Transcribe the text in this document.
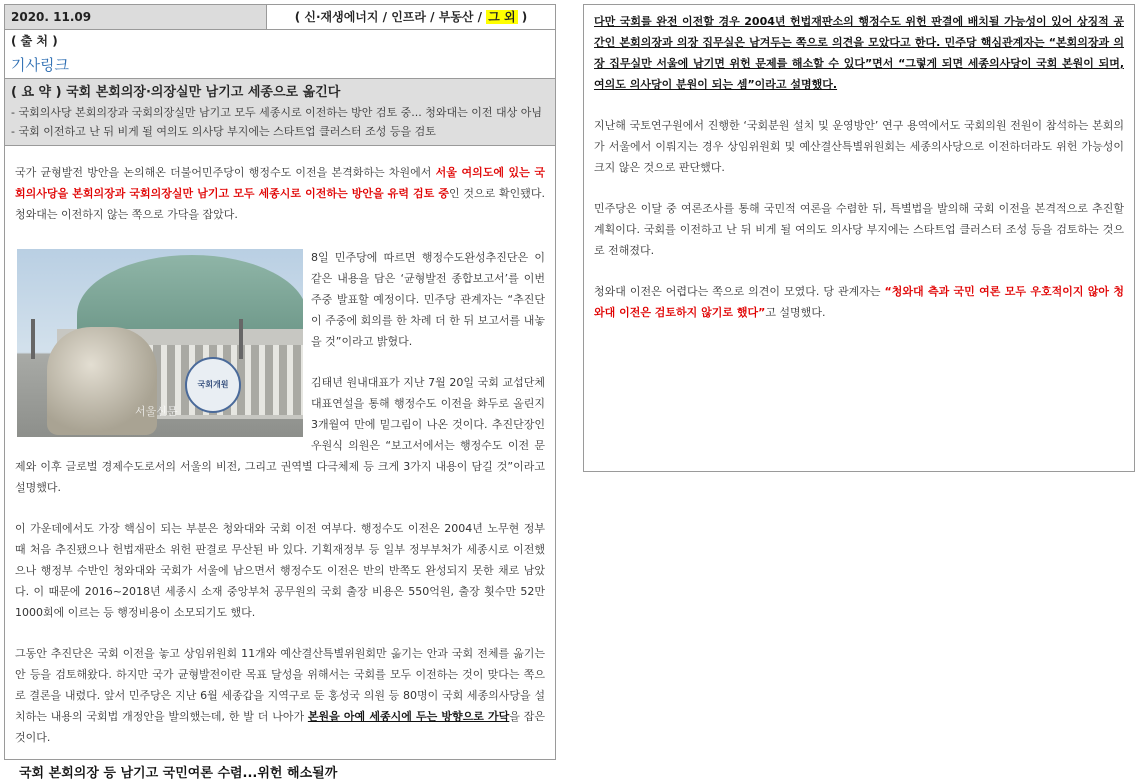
2020. 11.09	( 신·재생에너지 / 인프라 / 부동산 / 그 외 )
( 출 처 )
기사링크
( 요 약 ) 국회 본회의장·의장실만 남기고 세종으로 옮긴다
- 국회의사당 본회의장과 국회의장실만 남기고 모두 세종시로 이전하는 방안 검토 중... 청와대는 이전 대상 아님
- 국회 이전하고 난 뒤 비게 될 여의도 의사당 부지에는 스타트업 클러스터 조성 등을 검토

국가 균형발전 방안을 논의해온 더불어민주당이 행정수도 이전을 본격화하는 차원에서 서울 여의도에 있는 국회의사당을 본회의장과 국회의장실만 남기고 모두 세종시로 이전하는 방안을 유력 검토 중인 것으로 확인됐다. 청와대는 이전하지 않는 쪽으로 가닥을 잡았다.

국회개원
서울신문

8일 민주당에 따르면 행정수도완성추진단은 이 같은 내용을 담은 ‘균형발전 종합보고서’를 이번 주중 발표할 예정이다. 민주당 관계자는 “추진단이 주중에 회의를 한 차례 더 한 뒤 보고서를 내놓을 것”이라고 밝혔다.

김태년 원내대표가 지난 7월 20일 국회 교섭단체 대표연설을 통해 행정수도 이전을 화두로 올린지 3개월여 만에 밑그림이 나온 것이다. 추진단장인 우원식 의원은 “보고서에서는 행정수도 이전 문제와 이후 글로벌 경제수도로서의 서울의 비전, 그리고 권역별 다극체제 등 크게 3가지 내용이 담길 것”이라고 설명했다.

이 가운데에서도 가장 핵심이 되는 부분은 청와대와 국회 이전 여부다. 행정수도 이전은 2004년 노무현 정부 때 처음 추진됐으나 헌법재판소 위헌 판결로 무산된 바 있다. 기획재정부 등 일부 정부부처가 세종시로 이전했으나 행정부 수반인 청와대와 국회가 서울에 남으면서 행정수도 이전은 반의 반쪽도 완성되지 못한 채로 남았다. 이 때문에 2016~2018년 세종시 소재 중앙부처 공무원의 국회 출장 비용은 550억원, 출장 횟수만 52만 1000회에 이르는 등 행정비용이 소모되기도 했다.

그동안 추진단은 국회 이전을 놓고 상임위원회 11개와 예산결산특별위원회만 옮기는 안과 국회 전체를 옮기는 안 등을 검토해왔다. 하지만 국가 균형발전이란 목표 달성을 위해서는 국회를 모두 이전하는 것이 맞다는 쪽으로 결론을 내렸다. 앞서 민주당은 지난 6월 세종갑을 지역구로 둔 홍성국 의원 등 80명이 국회 세종의사당을 설치하는 내용의 국회법 개정안을 발의했는데, 한 발 더 나아가 본원을 아예 세종시에 두는 방향으로 가닥을 잡은 것이다.

국회 본회의장 등 남기고 국민여론 수렴...위헌 해소될까

다만 국회를 완전 이전할 경우 2004년 헌법재판소의 행정수도 위헌 판결에 배치될 가능성이 있어 상징적 공간인 본회의장과 의장 집무실은 남겨두는 쪽으로 의견을 모았다고 한다. 민주당 핵심관계자는 “본회의장과 의장 집무실만 서울에 남기면 위헌 문제를 해소할 수 있다”면서 “그렇게 되면 세종의사당이 국회 본원이 되며, 여의도 의사당이 분원이 되는 셈”이라고 설명했다.

지난해 국토연구원에서 진행한 ‘국회분원 설치 및 운영방안’ 연구 용역에서도 국회의원 전원이 참석하는 본회의가 서울에서 이뤄지는 경우 상임위원회 및 예산결산특별위원회는 세종의사당으로 이전하더라도 위헌 가능성이 크지 않은 것으로 판단했다.

민주당은 이달 중 여론조사를 통해 국민적 여론을 수렴한 뒤, 특별법을 발의해 국회 이전을 본격적으로 추진할 계획이다. 국회를 이전하고 난 뒤 비게 될 여의도 의사당 부지에는 스타트업 클러스터 조성 등을 검토하는 것으로 전해졌다.

청와대 이전은 어렵다는 쪽으로 의견이 모였다. 당 관계자는 “청와대 측과 국민 여론 모두 우호적이지 않아 청와대 이전은 검토하지 않기로 했다”고 설명했다.
